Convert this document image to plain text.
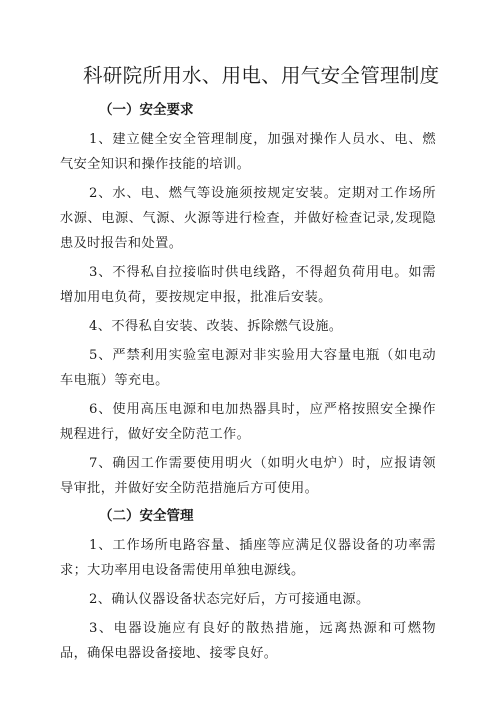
科研院所用水、用电、用气安全管理制度
（一）安全要求

1、建立健全安全管理制度，加强对操作人员水、电、燃气安全知识和操作技能的培训。

2、水、电、燃气等设施须按规定安装。定期对工作场所水源、电源、气源、火源等进行检查，并做好检查记录,发现隐患及时报告和处置。

3、不得私自拉接临时供电线路，不得超负荷用电。如需增加用电负荷，要按规定申报，批准后安装。

4、不得私自安装、改装、拆除燃气设施。

5、严禁利用实验室电源对非实验用大容量电瓶（如电动车电瓶）等充电。

6、使用高压电源和电加热器具时，应严格按照安全操作规程进行，做好安全防范工作。

7、确因工作需要使用明火（如明火电炉）时，应报请领导审批，并做好安全防范措施后方可使用。

（二）安全管理

1、工作场所电路容量、插座等应满足仪器设备的功率需求；大功率用电设备需使用单独电源线。

2、确认仪器设备状态完好后，方可接通电源。

3、电器设施应有良好的散热措施，远离热源和可燃物品，确保电器设备接地、接零良好。
